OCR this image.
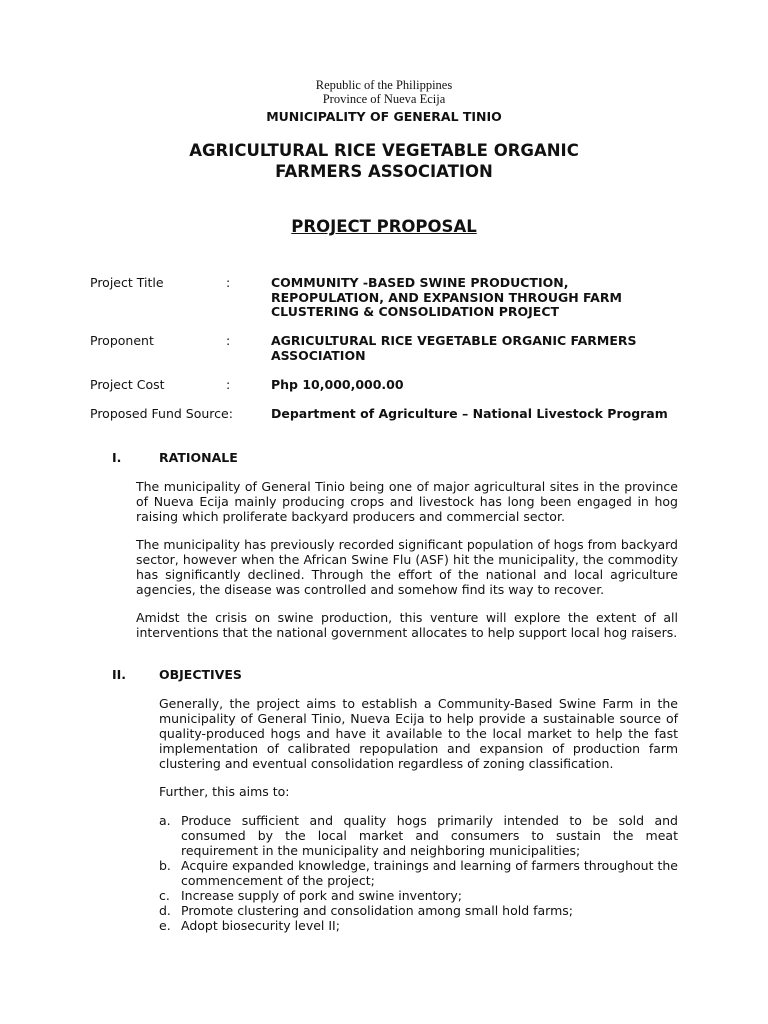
Republic of the Philippines
Province of Nueva Ecija
MUNICIPALITY OF GENERAL TINIO
AGRICULTURAL RICE VEGETABLE ORGANIC
FARMERS ASSOCIATION
PROJECT PROPOSAL
Project Title	:	COMMUNITY -BASED SWINE PRODUCTION,
REPOPULATION, AND EXPANSION THROUGH FARM
CLUSTERING & CONSOLIDATION PROJECT
Proponent	:	AGRICULTURAL RICE VEGETABLE ORGANIC FARMERS
ASSOCIATION
Project Cost	:	Php 10,000,000.00
Proposed Fund Source:	Department of Agriculture – National Livestock Program
I.	RATIONALE

The municipality of General Tinio being one of major agricultural sites in the province of Nueva Ecija mainly producing crops and livestock has long been engaged in hog raising which proliferate backyard producers and commercial sector.

The municipality has previously recorded significant population of hogs from backyard sector, however when the African Swine Flu (ASF) hit the municipality, the commodity has significantly declined. Through the effort of the national and local agriculture agencies, the disease was controlled and somehow find its way to recover.

Amidst the crisis on swine production, this venture will explore the extent of all interventions that the national government allocates to help support local hog raisers.

II.	OBJECTIVES

Generally, the project aims to establish a Community-Based Swine Farm in the municipality of General Tinio, Nueva Ecija to help provide a sustainable source of quality-produced hogs and have it available to the local market to help the fast implementation of calibrated repopulation and expansion of production farm clustering and eventual consolidation regardless of zoning classification.

Further, this aims to:

a. Produce sufficient and quality hogs primarily intended to be sold and consumed by the local market and consumers to sustain the meat requirement in the municipality and neighboring municipalities;
b. Acquire expanded knowledge, trainings and learning of farmers throughout the commencement of the project;
c. Increase supply of pork and swine inventory;
d. Promote clustering and consolidation among small hold farms;
e. Adopt biosecurity level II;
